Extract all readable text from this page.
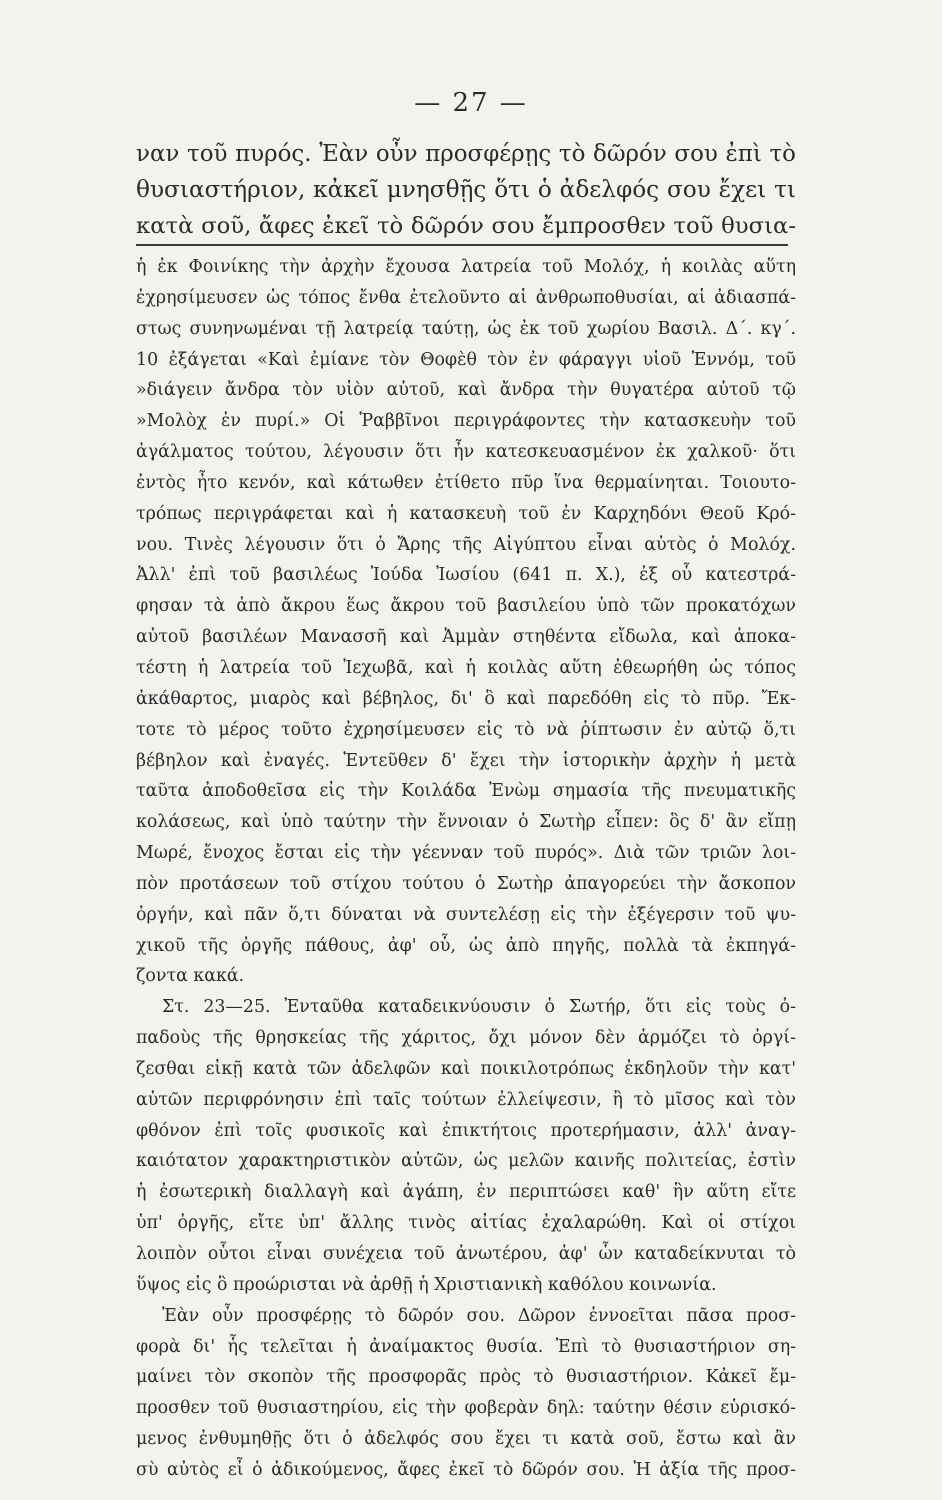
— 27 —
ναν τοῦ πυρός. Ἐὰν οὖν προσφέρῃς τὸ δῶρόν σου ἐπὶ τὸ
θυσιαστήριον, κἀκεῖ μνησθῇς ὅτι ὁ ἀδελφός σου ἔχει τι
κατὰ σοῦ, ἄφες ἐκεῖ τὸ δῶρόν σου ἔμπροσθεν τοῦ θυσια-
ἡ ἐκ Φοινίκης τὴν ἀρχὴν ἔχουσα λατρεία τοῦ Μολόχ, ἡ κοιλὰς αὕτη
ἐχρησίμευσεν ὡς τόπος ἔνθα ἐτελοῦντο αἱ ἀνθρωποθυσίαι, αἱ ἀδιασπά-
στως συνηνωμέναι τῇ λατρείᾳ ταύτῃ, ὡς ἐκ τοῦ χωρίου Βασιλ. Δ΄. κγ΄.
10 ἐξάγεται «Καὶ ἐμίανε τὸν Θοφὲθ τὸν ἐν φάραγγι υἱοῦ Ἐννόμ, τοῦ
»διάγειν ἄνδρα τὸν υἱὸν αὐτοῦ, καὶ ἄνδρα τὴν θυγατέρα αὐτοῦ τῷ
»Μολὸχ ἐν πυρί.» Οἱ Ῥαββῖνοι περιγράφοντες τὴν κατασκευὴν τοῦ
ἀγάλματος τούτου, λέγουσιν ὅτι ἦν κατεσκευασμένον ἐκ χαλκοῦ· ὅτι
ἐντὸς ἦτο κενόν, καὶ κάτωθεν ἐτίθετο πῦρ ἵνα θερμαίνηται. Τοιουτο-
τρόπως περιγράφεται καὶ ἡ κατασκευὴ τοῦ ἐν Καρχηδόνι Θεοῦ Κρό-
νου. Τινὲς λέγουσιν ὅτι ὁ Ἄρης τῆς Αἰγύπτου εἶναι αὐτὸς ὁ Μολόχ.
Ἀλλ' ἐπὶ τοῦ βασιλέως Ἰούδα Ἰωσίου (641 π. Χ.), ἐξ οὗ κατεστρά-
φησαν τὰ ἀπὸ ἄκρου ἕως ἄκρου τοῦ βασιλείου ὑπὸ τῶν προκατόχων
αὐτοῦ βασιλέων Μανασσῆ καὶ Ἀμμὰν στηθέντα εἴδωλα, καὶ ἀποκα-
τέστη ἡ λατρεία τοῦ Ἰεχωβᾶ, καὶ ἡ κοιλὰς αὕτη ἐθεωρήθη ὡς τόπος
ἀκάθαρτος, μιαρὸς καὶ βέβηλος, δι' ὃ καὶ παρεδόθη εἰς τὸ πῦρ. Ἔκ-
τοτε τὸ μέρος τοῦτο ἐχρησίμευσεν εἰς τὸ νὰ ῥίπτωσιν ἐν αὐτῷ ὅ,τι
βέβηλον καὶ ἐναγές. Ἐντεῦθεν δ' ἔχει τὴν ἱστορικὴν ἀρχὴν ἡ μετὰ
ταῦτα ἀποδοθεῖσα εἰς τὴν Κοιλάδα Ἐνὼμ σημασία τῆς πνευματικῆς
κολάσεως, καὶ ὑπὸ ταύτην τὴν ἔννοιαν ὁ Σωτὴρ εἶπεν: ὃς δ' ἂν εἴπῃ
Μωρέ, ἔνοχος ἔσται εἰς τὴν γέενναν τοῦ πυρός». Διὰ τῶν τριῶν λοι-
πὸν προτάσεων τοῦ στίχου τούτου ὁ Σωτὴρ ἀπαγορεύει τὴν ἄσκοπον
ὀργήν, καὶ πᾶν ὅ,τι δύναται νὰ συντελέσῃ εἰς τὴν ἐξέγερσιν τοῦ ψυ-
χικοῦ τῆς ὀργῆς πάθους, ἀφ' οὗ, ὡς ἀπὸ πηγῆς, πολλὰ τὰ ἐκπηγά-
ζοντα κακά.
Στ. 23—25. Ἐνταῦθα καταδεικνύουσιν ὁ Σωτήρ, ὅτι εἰς τοὺς ὀ-
παδοὺς τῆς θρησκείας τῆς χάριτος, ὄχι μόνον δὲν ἁρμόζει τὸ ὀργί-
ζεσθαι εἰκῇ κατὰ τῶν ἀδελφῶν καὶ ποικιλοτρόπως ἐκδηλοῦν τὴν κατ'
αὐτῶν περιφρόνησιν ἐπὶ ταῖς τούτων ἐλλείψεσιν, ἢ τὸ μῖσος καὶ τὸν
φθόνον ἐπὶ τοῖς φυσικοῖς καὶ ἐπικτήτοις προτερήμασιν, ἀλλ' ἀναγ-
καιότατον χαρακτηριστικὸν αὐτῶν, ὡς μελῶν καινῆς πολιτείας, ἐστὶν
ἡ ἐσωτερικὴ διαλλαγὴ καὶ ἀγάπη, ἐν περιπτώσει καθ' ἣν αὕτη εἴτε
ὑπ' ὀργῆς, εἴτε ὑπ' ἄλλης τινὸς αἰτίας ἐχαλαρώθη. Καὶ οἱ στίχοι
λοιπὸν οὗτοι εἶναι συνέχεια τοῦ ἀνωτέρου, ἀφ' ὧν καταδείκνυται τὸ
ὕψος εἰς ὃ προώρισται νὰ ἀρθῇ ἡ Χριστιανικὴ καθόλου κοινωνία.
Ἐὰν οὖν προσφέρῃς τὸ δῶρόν σου. Δῶρον ἐννοεῖται πᾶσα προσ-
φορὰ δι' ἧς τελεῖται ἡ ἀναίμακτος θυσία. Ἐπὶ τὸ θυσιαστήριον ση-
μαίνει τὸν σκοπὸν τῆς προσφορᾶς πρὸς τὸ θυσιαστήριον. Κἀκεῖ ἔμ-
προσθεν τοῦ θυσιαστηρίου, εἰς τὴν φοβερὰν δηλ: ταύτην θέσιν εὑρισκό-
μενος ἐνθυμηθῇς ὅτι ὁ ἀδελφός σου ἔχει τι κατὰ σοῦ, ἔστω καὶ ἂν
σὺ αὐτὸς εἶ ὁ ἀδικούμενος, ἄφες ἐκεῖ τὸ δῶρόν σου. Ἡ ἀξία τῆς προσ-
